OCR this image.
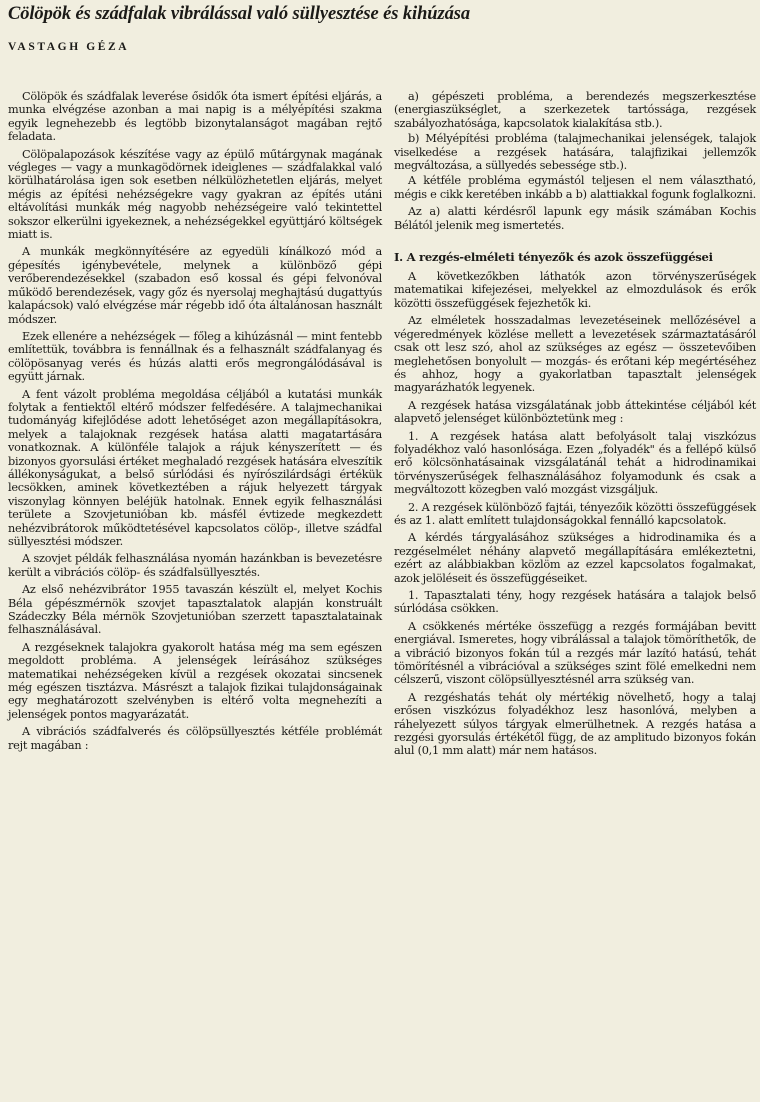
Cölöpök és szádfalak vibrálással való süllyesztése és kihúzása
VASTAGH GÉZA

Cölöpök és szádfalak leverése ősidők óta ismert építési eljárás, a munka elvégzése azonban a mai napig is a mélyépítési szakma egyik legnehezebb és legtöbb bizonytalanságot magában rejtő feladata.

Cölöpalapozások készítése vagy az épülő műtárgynak magának végleges — vagy a munkagödörnek ideiglenes — szádfalakkal való körülhatárolása igen sok esetben nélkülözhetetlen eljárás, melyet mégis az építési nehézségekre vagy gyakran az építés utáni eltávolítási munkák még nagyobb nehézségeire való tekintettel sokszor elkerülni igyekeznek, a nehézségekkel együttjáró költségek miatt is.

A munkák megkönnyítésére az egyedüli kínálkozó mód a gépesítés igénybevétele, melynek a különböző gépi verőberendezésekkel (szabadon eső kossal és gépi felvonóval működő berendezések, vagy gőz és nyersolaj meghajtású dugattyús kalapácsok) való elvégzése már régebb idő óta általánosan használt módszer.

Ezek ellenére a nehézségek — főleg a kihúzásnál — mint fentebb említettük, továbbra is fennállnak és a felhasznált szádfalanyag és cölöpösanyag verés és húzás alatti erős megrongálódásával is együtt járnak.

A fent vázolt probléma megoldása céljából a kutatási munkák folytak a fentiektől eltérő módszer felfedésére. A talajmechanikai tudományág kifejlődése adott lehetőséget azon megállapításokra, melyek a talajoknak rezgések hatása alatti magatartására vonatkoznak. A különféle talajok a rájuk kényszerített — és bizonyos gyorsulási értéket meghaladó rezgések hatására elveszítik állékonyságukat, a belső súrlódási és nyírószilárdsági értékük lecsökken, aminek következtében a rájuk helyezett tárgyak viszonylag könnyen beléjük hatolnak. Ennek egyik felhasználási területe a Szovjetunióban kb. másfél évtizede megkezdett nehézvibrátorok működtetésével kapcsolatos cölöp-, illetve szádfal süllyesztési módszer.

A szovjet példák felhasználása nyomán hazánkban is bevezetésre került a vibrációs cölöp- és szádfalsüllyesztés.

Az első nehézvibrátor 1955 tavaszán készült el, melyet Kochis Béla gépészmérnök szovjet tapasztalatok alapján konstruált Szádeczky Béla mérnök Szovjetunióban szerzett tapasztalatainak felhasználásával.

A rezgéseknek talajokra gyakorolt hatása még ma sem egészen megoldott probléma. A jelenségek leírásához szükséges matematikai nehézségeken kívül a rezgések okozatai sincsenek még egészen tisztázva. Másrészt a talajok fizikai tulajdonságainak egy meghatározott szelvényben is eltérő volta megnehezíti a jelenségek pontos magyarázatát.

A vibrációs szádfalverés és cölöpsüllyesztés kétféle problémát rejt magában :

a) gépészeti probléma, a berendezés megszerkesztése (energiaszükséglet, a szerkezetek tartóssága, rezgések szabályozhatósága, kapcsolatok kialakítása stb.).

b) Mélyépítési probléma (talajmechanikai jelenségek, talajok viselkedése a rezgések hatására, talajfizikai jellemzők megváltozása, a süllyedés sebessége stb.).

A kétféle probléma egymástól teljesen el nem választható, mégis e cikk keretében inkább a b) alattiakkal fogunk foglalkozni.

Az a) alatti kérdésről lapunk egy másik számában Kochis Bélától jelenik meg ismertetés.

I. A rezgés-elméleti tényezők és azok összefüggései

A következőkben láthatók azon törvényszerűségek matematikai kifejezései, melyekkel az elmozdulások és erők közötti összefüggések fejezhetők ki.

Az elméletek hosszadalmas levezetéseinek mellőzésével a végeredmények közlése mellett a levezetések származtatásáról csak ott lesz szó, ahol az szükséges az egész — összetevőiben meglehetősen bonyolult — mozgás- és erőtani kép megértéséhez és ahhoz, hogy a gyakorlatban tapasztalt jelenségek magyarázhatók legyenek.

A rezgések hatása vizsgálatának jobb áttekintése céljából két alapvető jelenséget különböztetünk meg :

1. A rezgések hatása alatt befolyásolt talaj viszkózus folyadékhoz való hasonlósága. Ezen „folyadék" és a fellépő külső erő kölcsönhatásainak vizsgálatánál tehát a hidrodinamikai törvényszerűségek felhasználásához folyamodunk és csak a megváltozott közegben való mozgást vizsgáljuk.

2. A rezgések különböző fajtái, tényezőik közötti összefüggések és az 1. alatt említett tulajdonságokkal fennálló kapcsolatok.

A kérdés tárgyalásához szükséges a hidrodinamika és a rezgéselmélet néhány alapvető megállapítására emlékeztetni, ezért az alábbiakban közlöm az ezzel kapcsolatos fogalmakat, azok jelöléseit és összefüggéseiket.

1. Tapasztalati tény, hogy rezgések hatására a talajok belső súrlódása csökken.

A csökkenés mértéke összefügg a rezgés formájában bevitt energiával. Ismeretes, hogy vibrálással a talajok tömöríthetők, de a vibráció bizonyos fokán túl a rezgés már lazító hatású, tehát tömörítésnél a vibrációval a szükséges szint fölé emelkedni nem célszerű, viszont cölöpsüllyesztésnél arra szükség van.

A rezgéshatás tehát oly mértékig növelhető, hogy a talaj erősen viszkózus folyadékhoz lesz hasonlóvá, melyben a ráhelyezett súlyos tárgyak elmerülhetnek. A rezgés hatása a rezgési gyorsulás értékétől függ, de az amplitudo bizonyos fokán alul (0,1 mm alatt) már nem hatásos.
